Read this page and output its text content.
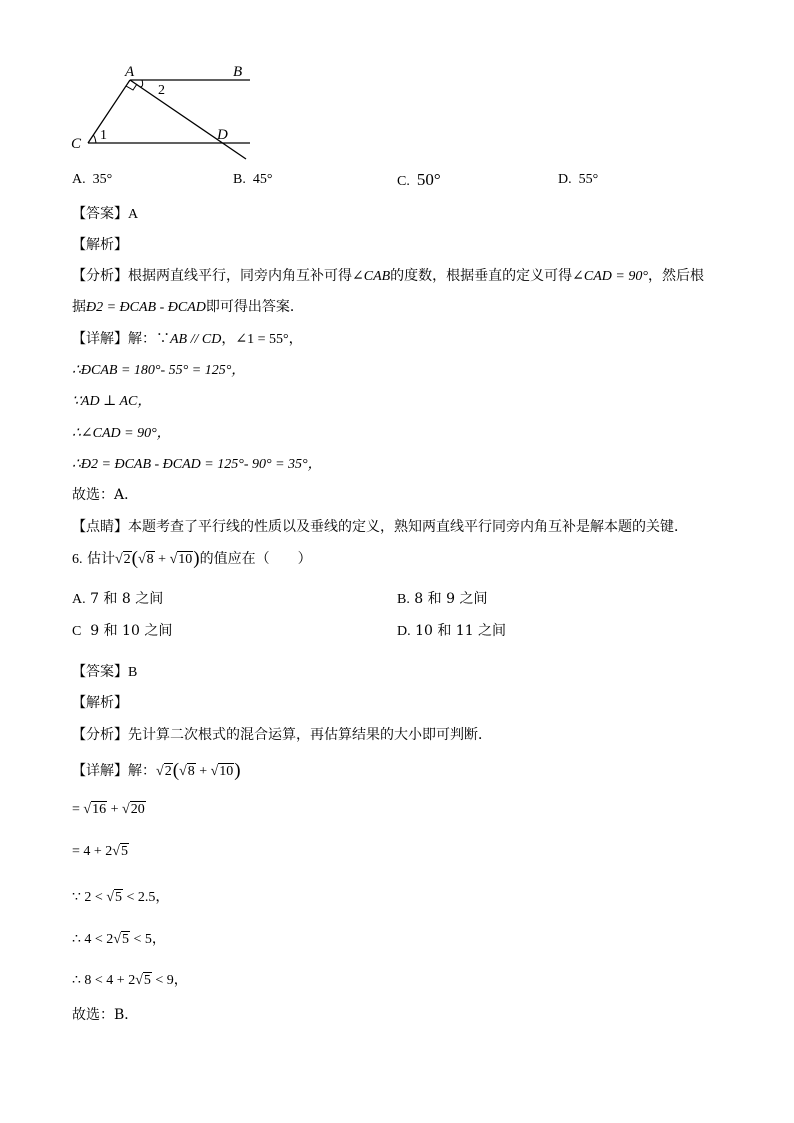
A	B
C
D
2
1
A. 35°	B. 45°	C. 50°	D. 55°
【答案】A
【解析】
【分析】根据两直线平行，同旁内角互补可得∠CAB的度数，根据垂直的定义可得∠CAD = 90°，然后根
据Ð2 = ÐCAB - ÐCAD即可得出答案．
【详解】解：∵AB // CD，∠1 = 55°，
∴ÐCAB = 180°- 55° = 125°，
∵AD ⊥ AC，
∴∠CAD = 90°，
∴Ð2 = ÐCAB - ÐCAD = 125°- 90° = 35°，
故选：A．
【点睛】本题考查了平行线的性质以及垂线的定义，熟知两直线平行同旁内角互补是解本题的关键．
6. 估计√2(√8 + √10)的值应在（　　）
A. 7 和 8 之间	B. 8 和 9 之间
C 9 和 10 之间	D. 10 和 11 之间
【答案】B
【解析】
【分析】先计算二次根式的混合运算，再估算结果的大小即可判断．
【详解】解：√2(√8 + √10)
= √16 + √20
= 4 + 2√5
∵ 2 < √5 < 2.5，
∴ 4 < 2√5 < 5，
∴ 8 < 4 + 2√5 < 9，
故选：B．
